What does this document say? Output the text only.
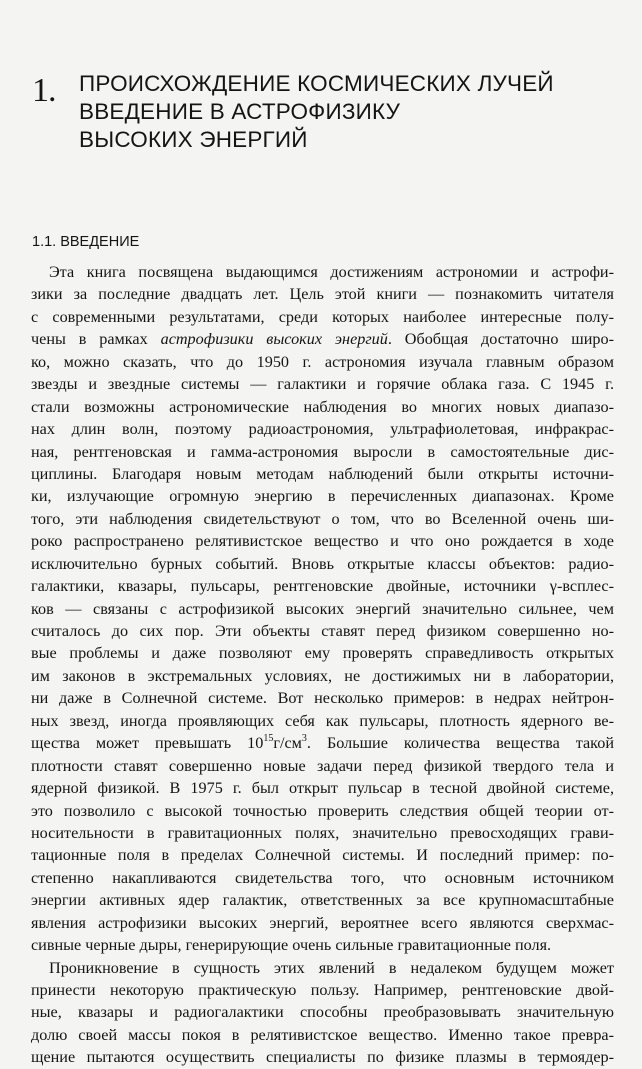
1. ПРОИСХОЖДЕНИЕ КОСМИЧЕСКИХ ЛУЧЕЙ
ВВЕДЕНИЕ В АСТРОФИЗИКУ
ВЫСОКИХ ЭНЕРГИЙ
1.1. ВВЕДЕНИЕ
Эта книга посвящена выдающимся достижениям астрономии и астрофи-
зики за последние двадцать лет. Цель этой книги — познакомить читателя
с современными результатами, среди которых наиболее интересные полу-
чены в рамках астрофизики высоких энергий. Обобщая достаточно широ-
ко, можно сказать, что до 1950 г. астрономия изучала главным образом
звезды и звездные системы — галактики и горячие облака газа. С 1945 г.
стали возможны астрономические наблюдения во многих новых диапазо-
нах длин волн, поэтому радиоастрономия, ультрафиолетовая, инфракрас-
ная, рентгеновская и гамма-астрономия выросли в самостоятельные дис-
циплины. Благодаря новым методам наблюдений были открыты источни-
ки, излучающие огромную энергию в перечисленных диапазонах. Кроме
того, эти наблюдения свидетельствуют о том, что во Вселенной очень ши-
роко распространено релятивистское вещество и что оно рождается в ходе
исключительно бурных событий. Вновь открытые классы объектов: радио-
галактики, квазары, пульсары, рентгеновские двойные, источники γ-всплес-
ков — связаны с астрофизикой высоких энергий значительно сильнее, чем
считалось до сих пор. Эти объекты ставят перед физиком совершенно но-
вые проблемы и даже позволяют ему проверять справедливость открытых
им законов в экстремальных условиях, не достижимых ни в лаборатории,
ни даже в Солнечной системе. Вот несколько примеров: в недрах нейтрон-
ных звезд, иногда проявляющих себя как пульсары, плотность ядерного ве-
щества может превышать $10^{15}г/см^3$. Большие количества вещества такой
плотности ставят совершенно новые задачи перед физикой твердого тела и
ядерной физикой. В 1975 г. был открыт пульсар в тесной двойной системе,
это позволило с высокой точностью проверить следствия общей теории от-
носительности в гравитационных полях, значительно превосходящих грави-
тационные поля в пределах Солнечной системы. И последний пример: по-
степенно накапливаются свидетельства того, что основным источником
энергии активных ядер галактик, ответственных за все крупномасштабные
явления астрофизики высоких энергий, вероятнее всего являются сверхмас-
сивные черные дыры, генерирующие очень сильные гравитационные поля.
Проникновение в сущность этих явлений в недалеком будущем может
принести некоторую практическую пользу. Например, рентгеновские двой-
ные, квазары и радиогалактики способны преобразовывать значительную
долю своей массы покоя в релятивистское вещество. Именно такое превра-
щение пытаются осуществить специалисты по физике плазмы в термоядер-
